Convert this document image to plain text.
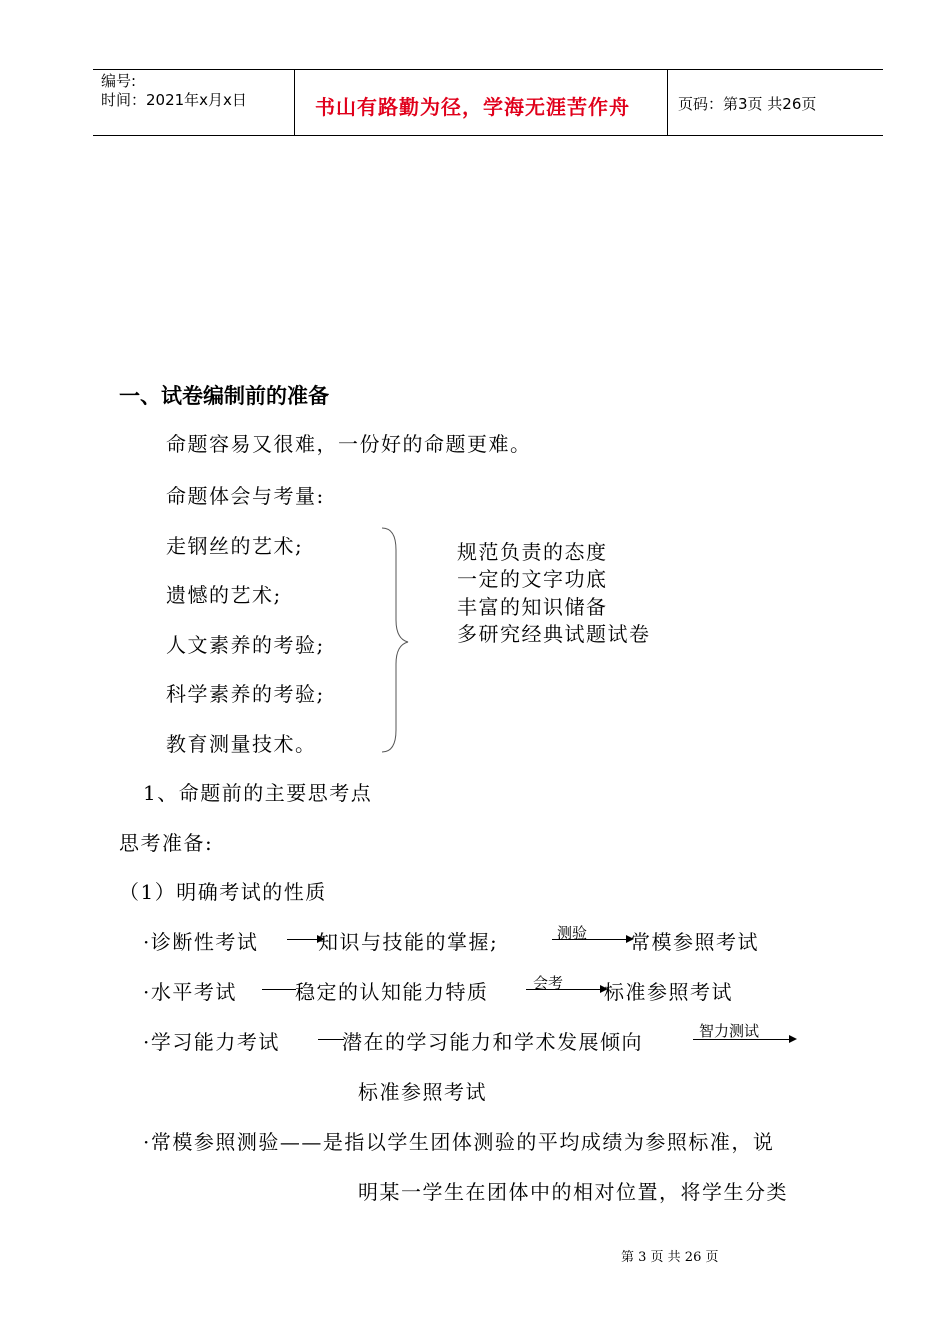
编号:
时间：2021年x月x日	书山有路勤为径，学海无涯苦作舟	页码：第3页 共26页
一、试卷编制前的准备
命题容易又很难，一份好的命题更难。
命题体会与考量:
走钢丝的艺术;
遗憾的艺术;
人文素养的考验;
科学素养的考验;
教育测量技术。
规范负责的态度
一定的文字功底
丰富的知识储备
多研究经典试题试卷
1、命题前的主要思考点
思考准备:
（1）明确考试的性质
·诊断性考试	知识与技能的掌握;	测验 常模参照考试
·水平考试	稳定的认知能力特质	会考 标准参照考试
·学习能力考试	潜在的学习能力和学术发展倾向	智力测试
标准参照考试
·常模参照测验——是指以学生团体测验的平均成绩为参照标准，说
明某一学生在团体中的相对位置，将学生分类
第 3 页 共 26 页
